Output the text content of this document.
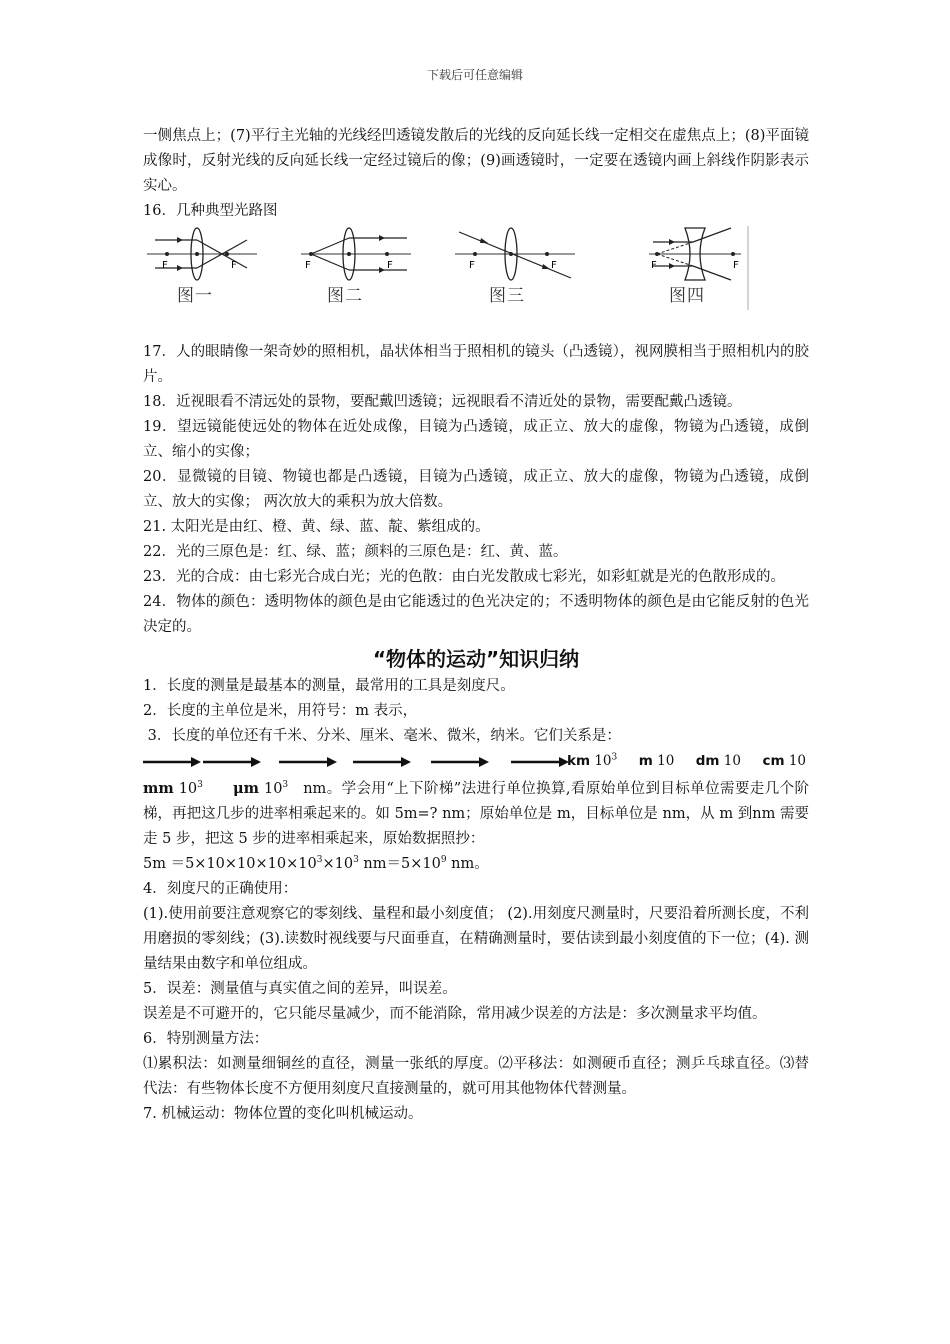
下载后可任意编辑

一侧焦点上；(7)平行主光轴的光线经凹透镜发散后的光线的反向延长线一定相交在虚焦点上；(8)平面镜成像时，反射光线的反向延长线一定经过镜后的像；(9)画透镜时，一定要在透镜内画上斜线作阴影表示实心。

16．几种典型光路图

F	F
图一
F	F
图二
F	F
图三
F	F
图四

17．人的眼睛像一架奇妙的照相机，晶状体相当于照相机的镜头（凸透镜），视网膜相当于照相机内的胶片。

18．近视眼看不清远处的景物，要配戴凹透镜；远视眼看不清近处的景物，需要配戴凸透镜。

19．望远镜能使远处的物体在近处成像，目镜为凸透镜，成正立、放大的虚像，物镜为凸透镜，成倒立、缩小的实像；

20．显微镜的目镜、物镜也都是凸透镜，目镜为凸透镜，成正立、放大的虚像，物镜为凸透镜，成倒立、放大的实像； 两次放大的乘积为放大倍数。

21. 太阳光是由红、橙、黄、绿、蓝、靛、紫组成的。

22．光的三原色是：红、绿、蓝；颜料的三原色是：红、黄、蓝。

23．光的合成：由七彩光合成白光；光的色散：由白光发散成七彩光，如彩虹就是光的色散形成的。

24．物体的颜色：透明物体的颜色是由它能透过的色光决定的；不透明物体的颜色是由它能反射的色光决定的。

“物体的运动”知识归纳

1．长度的测量是最基本的测量，最常用的工具是刻度尺。

2．长度的主单位是米，用符号：m 表示，

3．长度的单位还有千米、分米、厘米、毫米、微米，纳米。它们关系是：

km $10^3$ m 10 dm 10 cm 10

mm $10^3$ μm $10^3$ nm。学会用“上下阶梯”法进行单位换算,看原始单位到目标单位需要走几个阶梯，再把这几步的进率相乘起来的。如 5m=? nm；原始单位是 m，目标单位是 nm，从 m 到nm 需要走 5 步，把这 5 步的进率相乘起来，原始数据照抄：

$5m =5\times 10\times 10\times 10\times 10^3\times 10^3$ $nm=5\times 10^9$ nm。

4．刻度尺的正确使用：

(1).使用前要注意观察它的零刻线、量程和最小刻度值； (2).用刻度尺测量时，尺要沿着所测长度，不利用磨损的零刻线；(3).读数时视线要与尺面垂直，在精确测量时，要估读到最小刻度值的下一位；(4). 测量结果由数字和单位组成。

5．误差：测量值与真实值之间的差异，叫误差。

误差是不可避开的，它只能尽量减少，而不能消除，常用减少误差的方法是：多次测量求平均值。

6．特别测量方法：

⑴累积法：如测量细铜丝的直径，测量一张纸的厚度。⑵平移法：如测硬币直径；测乒乓球直径。⑶替代法：有些物体长度不方便用刻度尺直接测量的，就可用其他物体代替测量。

7. 机械运动：物体位置的变化叫机械运动。
